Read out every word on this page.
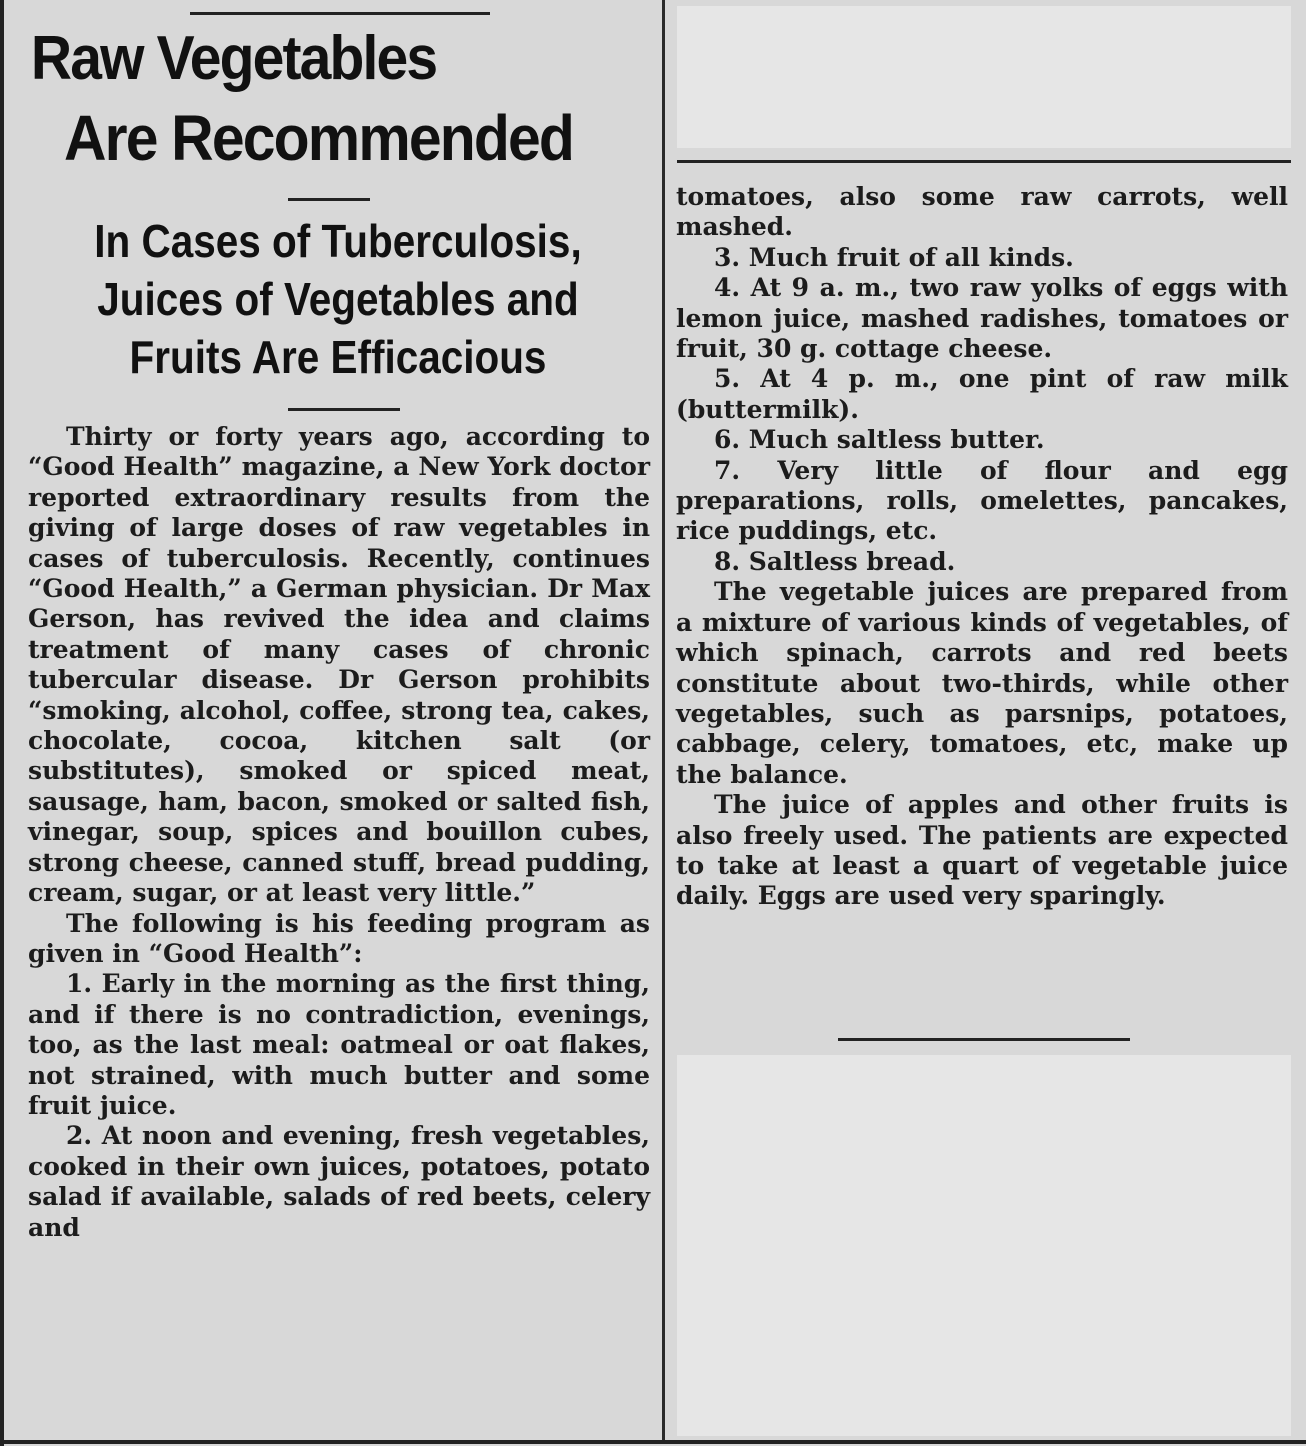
Raw Vegetables
Are Recommended
In Cases of Tuberculosis,
Juices of Vegetables and
Fruits Are Efficacious

Thirty or forty years ago, according to “Good Health” magazine, a New York doctor reported extraordinary results from the giving of large doses of raw vegetables in cases of tuberculosis. Recently, continues “Good Health,” a German physician. Dr Max Gerson, has revived the idea and claims treatment of many cases of chronic tubercular disease. Dr Gerson prohibits “smoking, alcohol, coffee, strong tea, cakes, chocolate, cocoa, kitchen salt (or substitutes), smoked or spiced meat, sausage, ham, bacon, smoked or salted fish, vinegar, soup, spices and bouillon cubes, strong cheese, canned stuff, bread pudding, cream, sugar, or at least very little.”

The following is his feeding program as given in “Good Health”:

1. Early in the morning as the first thing, and if there is no contradiction, evenings, too, as the last meal: oatmeal or oat flakes, not strained, with much butter and some fruit juice.

2. At noon and evening, fresh vegetables, cooked in their own juices, potatoes, potato salad if available, salads of red beets, celery and

tomatoes, also some raw carrots, well mashed.

3. Much fruit of all kinds.

4. At 9 a. m., two raw yolks of eggs with lemon juice, mashed radishes, tomatoes or fruit, 30 g. cottage cheese.

5. At 4 p. m., one pint of raw milk (buttermilk).

6. Much saltless butter.

7. Very little of flour and egg preparations, rolls, omelettes, pancakes, rice puddings, etc.

8. Saltless bread.

The vegetable juices are prepared from a mixture of various kinds of vegetables, of which spinach, carrots and red beets constitute about two-thirds, while other vegetables, such as parsnips, potatoes, cabbage, celery, tomatoes, etc, make up the balance.

The juice of apples and other fruits is also freely used. The patients are expected to take at least a quart of vegetable juice daily. Eggs are used very sparingly.
